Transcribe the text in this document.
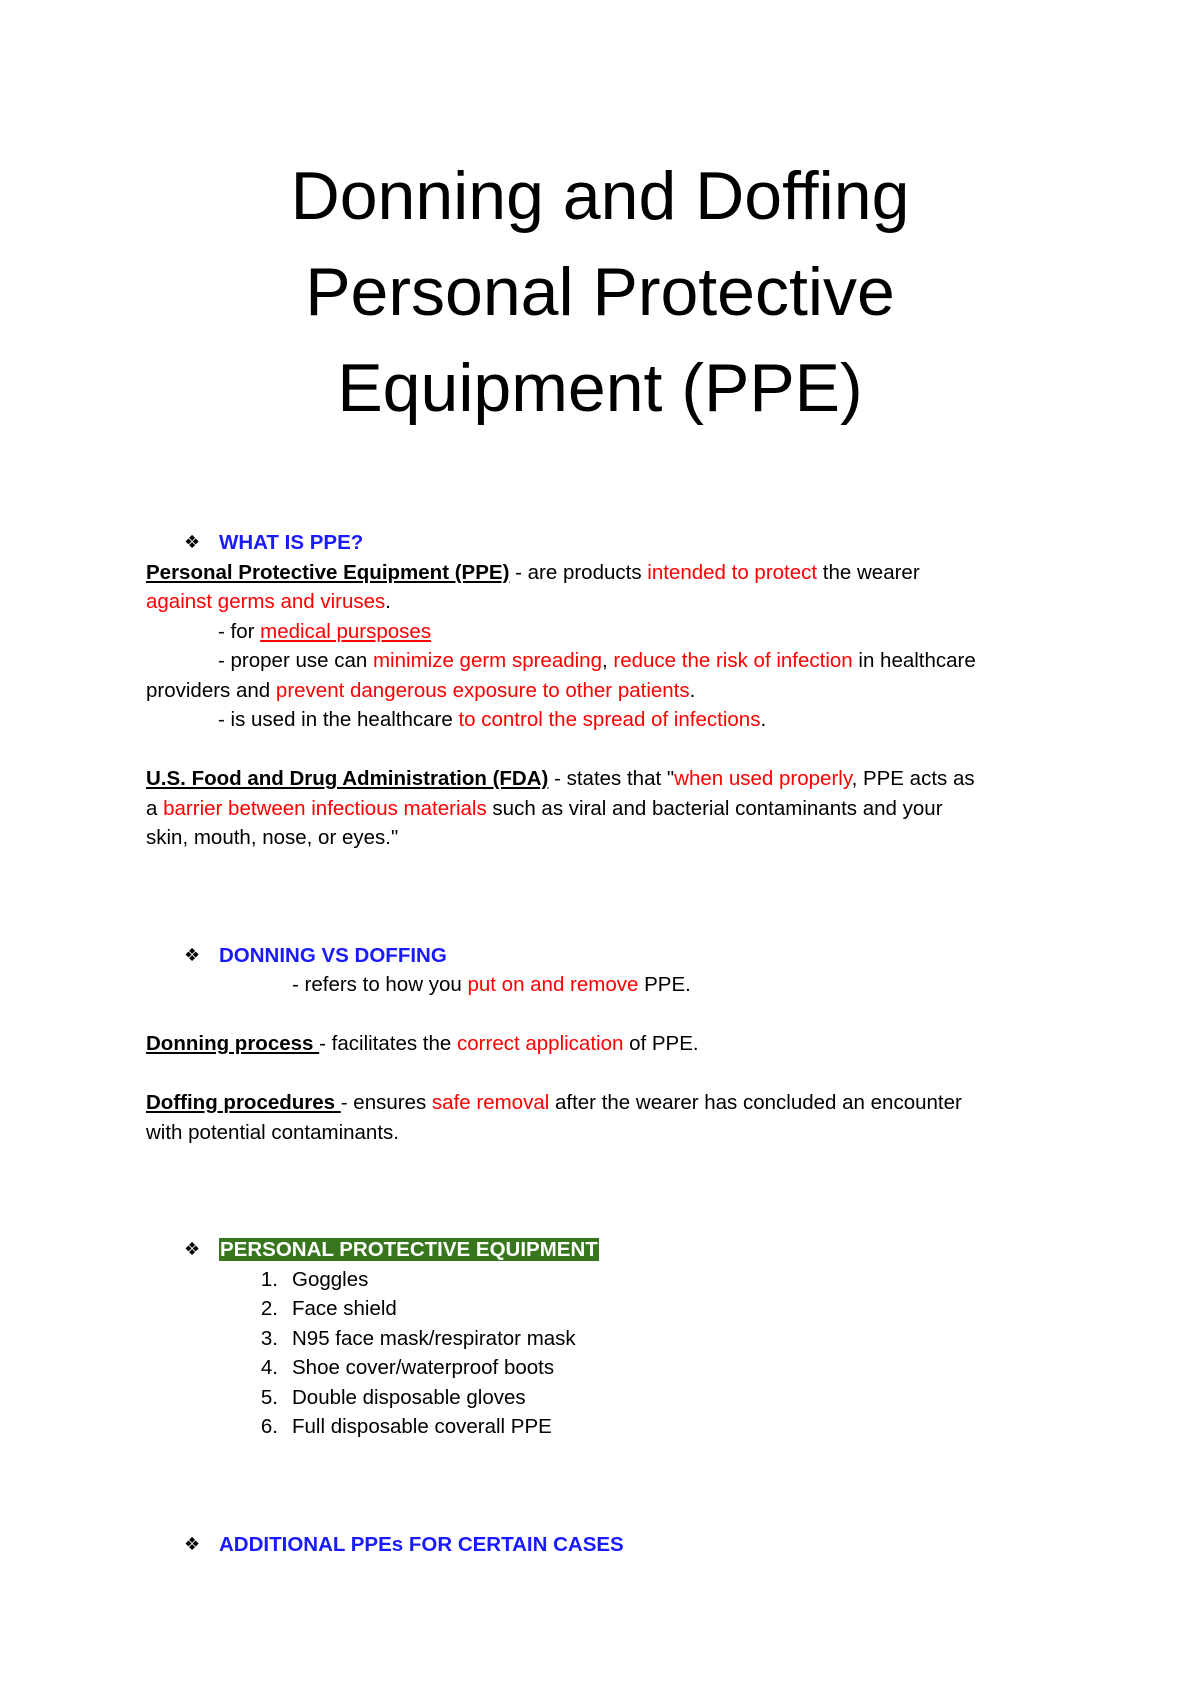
Donning and Doffing
Personal Protective
Equipment (PPE)

❖ WHAT IS PPE?

Personal Protective Equipment (PPE) - are products intended to protect the wearer
against germs and viruses.

- for medical pursposes

- proper use can minimize germ spreading, reduce the risk of infection in healthcare
providers and prevent dangerous exposure to other patients.

- is used in the healthcare to control the spread of infections.

U.S. Food and Drug Administration (FDA) - states that "when used properly, PPE acts as
a barrier between infectious materials such as viral and bacterial contaminants and your
skin, mouth, nose, or eyes."

❖ DONNING VS DOFFING

- refers to how you put on and remove PPE.

Donning process - facilitates the correct application of PPE.

Doffing procedures - ensures safe removal after the wearer has concluded an encounter
with potential contaminants.

❖ PERSONAL PROTECTIVE EQUIPMENT

1. Goggles
2. Face shield
3. N95 face mask/respirator mask
4. Shoe cover/waterproof boots
5. Double disposable gloves
6. Full disposable coverall PPE

❖ ADDITIONAL PPEs FOR CERTAIN CASES
